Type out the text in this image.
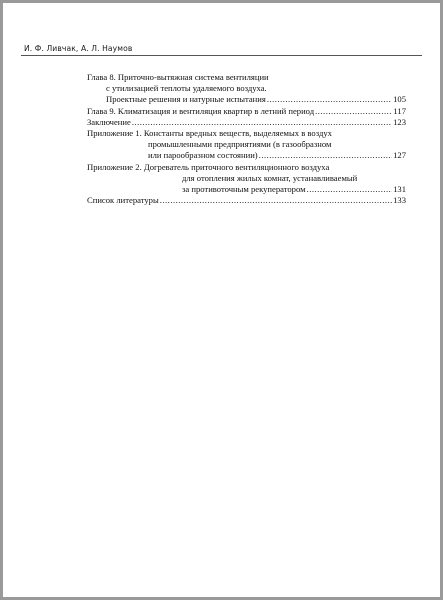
И. Ф. Ливчак, А. Л. Наумов
Глава 8. Приточно-вытяжная система вентиляции
с утилизацией теплоты удаляемого воздуха.
Проектные решения и натурные испытания .....	105
Глава 9. Климатизация и вентиляция квартир в летний период .....	117
Заключение .....	123
Приложение 1. Константы вредных веществ, выделяемых в воздух
промышленными предприятиями (в газообразном
или парообразном состоянии) .....	127
Приложение 2. Догреватель приточного вентиляционного воздуха
для отопления жилых комнат, устанавливаемый
за противоточным рекуператором .....	131
Список литературы .....	133
